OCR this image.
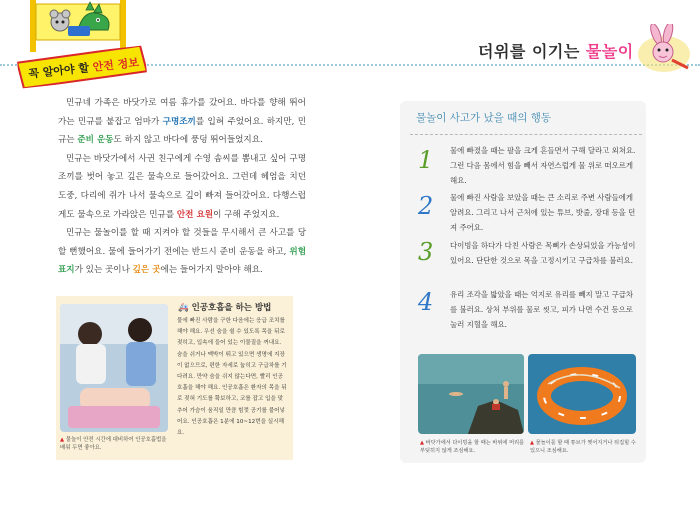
꼭 알아야 할 안전 정보
더위를 이기는 물놀이

민규네 가족은 바닷가로 여름 휴가를 갔어요. 바다를 향해 뛰어가는 민규를 붙잡고 엄마가 구명조끼를 입혀 주었어요. 하지만, 민규는 준비 운동도 하지 않고 바다에 풍덩 뛰어들었지요.

민규는 바닷가에서 사귄 친구에게 수영 솜씨를 뽐내고 싶어 구명조끼를 벗어 놓고 깊은 물속으로 들어갔어요. 그런데 헤엄을 치던 도중, 다리에 쥐가 나서 물속으로 깊이 빠져 들어갔어요. 다행스럽게도 물속으로 가라앉은 민규를 안전 요원이 구해 주었지요.

민규는 물놀이를 할 때 지켜야 할 것들을 무시해서 큰 사고를 당할 뻔했어요. 물에 들어가기 전에는 반드시 준비 운동을 하고, 위험 표지가 있는 곳이나 깊은 곳에는 들어가지 말아야 해요.

▲ 물놀이 안전 시간에 대비하여 인공호흡법을 배워 두면 좋아요.
🚑 인공호흡을 하는 방법
물에 빠진 사람을 구한 다음에는 응급 조치를 해야 해요. 우선 숨을 쉴 수 있도록 목을 뒤로 젖히고, 입속에 들어 있는 이물질을 꺼내요. 숨을 쉬거나 맥박이 뛰고 있으면 생명에 지장이 없으므로, 편한 자세로 눕히고 구급차를 기다려요. 만약 숨을 쉬지 않는다면, 빨리 인공호흡을 해야 해요. 인공호흡은 환자의 목을 뒤로 젖혀 기도를 확보하고, 코를 잡고 입을 맞추어 가슴이 움직일 만큼 힘껏 공기를 불어넣어요. 인공호흡은 1분에 10~12번을 실시해요.
물놀이 사고가 났을 때의 행동
1 물에 빠졌을 때는 팔을 크게 흔들면서 구해 달라고 외쳐요. 그런 다음 몸에서 힘을 빼서 자연스럽게 물 위로 떠오르게 해요.
2 물에 빠진 사람을 보았을 때는 큰 소리로 주변 사람들에게 알려요. 그리고 나서 근처에 있는 튜브, 밧줄, 장대 등을 던져 주어요.
3 다이빙을 하다가 다친 사람은 목뼈가 손상되었을 가능성이 있어요. 단단한 것으로 목을 고정시키고 구급차를 불러요.
4 유리 조각을 밟았을 때는 억지로 유리를 빼지 말고 구급차를 불러요. 상처 부위를 물로 씻고, 피가 나면 수건 등으로 눌러 지혈을 해요.
▲ 바닷가에서 다이빙을 할 때는 바위에 머리를 부딪히지 않게 조심해요.
▲ 물놀이를 할 때 튜브가 찢어지거나 뒤집힐 수 있으니 조심해요.
